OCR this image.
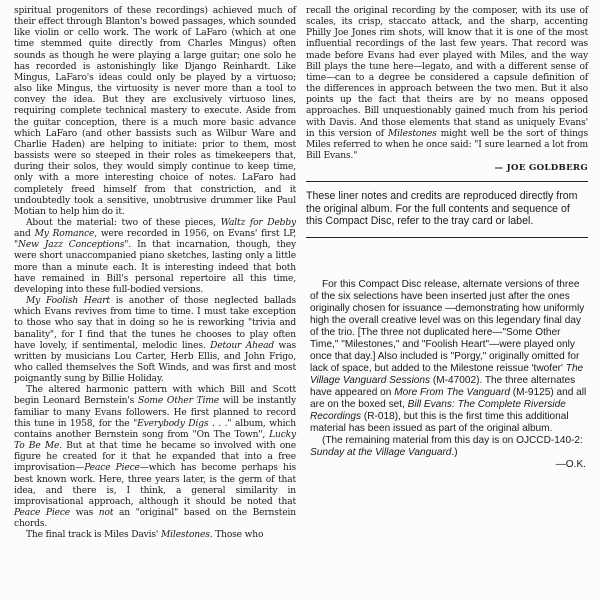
spiritual progenitors of these recordings) achieved much of their effect through Blanton's bowed passages, which sounded like violin or cello work. The work of LaFaro (which at one time stemmed quite directly from Charles Mingus) often sounds as though he were playing a large guitar; one solo he has recorded is astonishingly like Django Reinhardt. Like Mingus, LaFaro's ideas could only be played by a virtuoso; also like Mingus, the virtuosity is never more than a tool to convey the idea. But they are exclusively virtuoso lines, requiring complete technical mastery to execute. Aside from the guitar conception, there is a much more basic advance which LaFaro (and other bassists such as Wilbur Ware and Charlie Haden) are helping to initiate: prior to them, most bassists were so steeped in their roles as timekeepers that, during their solos, they would simply continue to keep time, only with a more interesting choice of notes. LaFaro had completely freed himself from that constriction, and it undoubtedly took a sensitive, unobtrusive drummer like Paul Motian to help him do it.

About the material: two of these pieces, Waltz for Debby and My Romance, were recorded in 1956, on Evans' first LP, "New Jazz Conceptions". In that incarnation, though, they were short unaccompanied piano sketches, lasting only a little more than a minute each. It is interesting indeed that both have remained in Bill's personal repertoire all this time, developing into these full-bodied versions.

My Foolish Heart is another of those neglected ballads which Evans revives from time to time. I must take exception to those who say that in doing so he is reworking "trivia and banality", for I find that the tunes he chooses to play often have lovely, if sentimental, melodic lines. Detour Ahead was written by musicians Lou Carter, Herb Ellis, and John Frigo, who called themselves the Soft Winds, and was first and most poignantly sung by Billie Holiday.

The altered harmonic pattern with which Bill and Scott begin Leonard Bernstein's Some Other Time will be instantly familiar to many Evans followers. He first planned to record this tune in 1958, for the "Everybody Digs . . ." album, which contains another Bernstein song from "On The Town", Lucky To Be Me. But at that time he became so involved with one figure he created for it that he expanded that into a free improvisation—Peace Piece—which has become perhaps his best known work. Here, three years later, is the germ of that idea, and there is, I think, a general similarity in improvisational approach, although it should be noted that Peace Piece was not an "original" based on the Bernstein chords.

The final track is Miles Davis' Milestones. Those who

recall the original recording by the composer, with its use of scales, its crisp, staccato attack, and the sharp, accenting Philly Joe Jones rim shots, will know that it is one of the most influential recordings of the last few years. That record was made before Evans had ever played with Miles, and the way Bill plays the tune here—legato, and with a different sense of time—can to a degree be considered a capsule definition of the differences in approach between the two men. But it also points up the fact that theirs are by no means opposed approaches. Bill unquestionably gained much from his period with Davis. And those elements that stand as uniquely Evans' in this version of Milestones might well be the sort of things Miles referred to when he once said: "I sure learned a lot from Bill Evans."

— JOE GOLDBERG

These liner notes and credits are reproduced directly from the original album. For the full contents and sequence of this Compact Disc, refer to the tray card or label.

For this Compact Disc release, alternate versions of three of the six selections have been inserted just after the ones originally chosen for issuance —demonstrating how uniformly high the overall creative level was on this legendary final day of the trio. [The three not duplicated here—"Some Other Time," "Milestones," and "Foolish Heart"—were played only once that day.] Also included is "Porgy," originally omitted for lack of space, but added to the Milestone reissue 'twofer' The Village Vanguard Sessions (M-47002). The three alternates have appeared on More From The Vanguard (M-9125) and all are on the boxed set, Bill Evans: The Complete Riverside Recordings (R-018), but this is the first time this additional material has been issued as part of the original album.

(The remaining material from this day is on OJCCD-140-2: Sunday at the Village Vanguard.)

—O.K.
